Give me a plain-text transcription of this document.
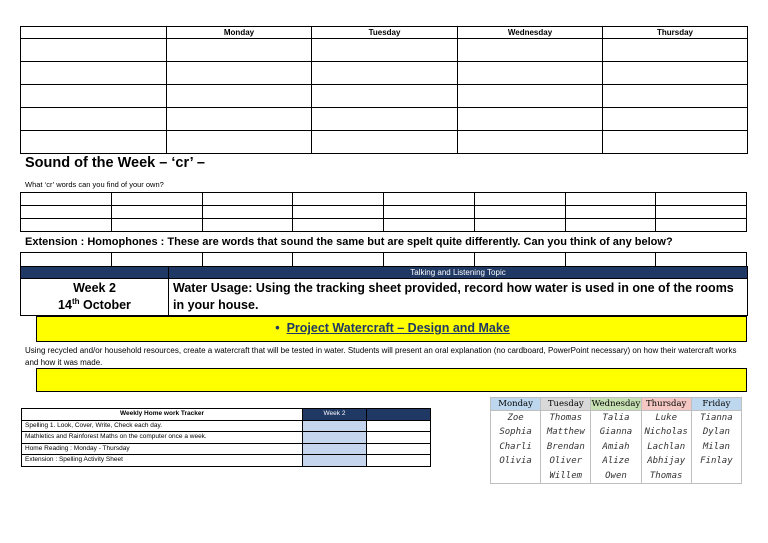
	Monday	Tuesday	Wednesday	Thursday

Sound of the Week – ‘cr’ –
What ‘cr’ words can you find of your own?

Extension : Homophones : These are words that sound the same but are spelt quite differently. Can you think of any below?

	Talking and Listening Topic

Week 2
14th October	Water Usage: Using the tracking sheet provided, record how water is used in one of the rooms in your house.
• Project Watercraft – Design and Make
Using recycled and/or household resources, create a watercraft that will be tested in water. Students will present an oral explanation (no cardboard, PowerPoint necessary) on how their watercraft works and how it was made.
Weekly Home work Tracker	Week 2	
Spelling 1. Look, Cover, Write, Check each day.		
Mathletics and Rainforest Maths on the computer once a week.		
Home Reading : Monday - Thursday		
Extension : Spelling Activity Sheet		
Monday	Tuesday	Wednesday	Thursday	Friday
Zoe	Thomas	Talia	Luke	Tianna
Sophia	Matthew	Gianna	Nicholas	Dylan
Charli	Brendan	Amiah	Lachlan	Milan
Olivia	Oliver	Alize	Abhijay	Finlay
	Willem	Owen	Thomas	
